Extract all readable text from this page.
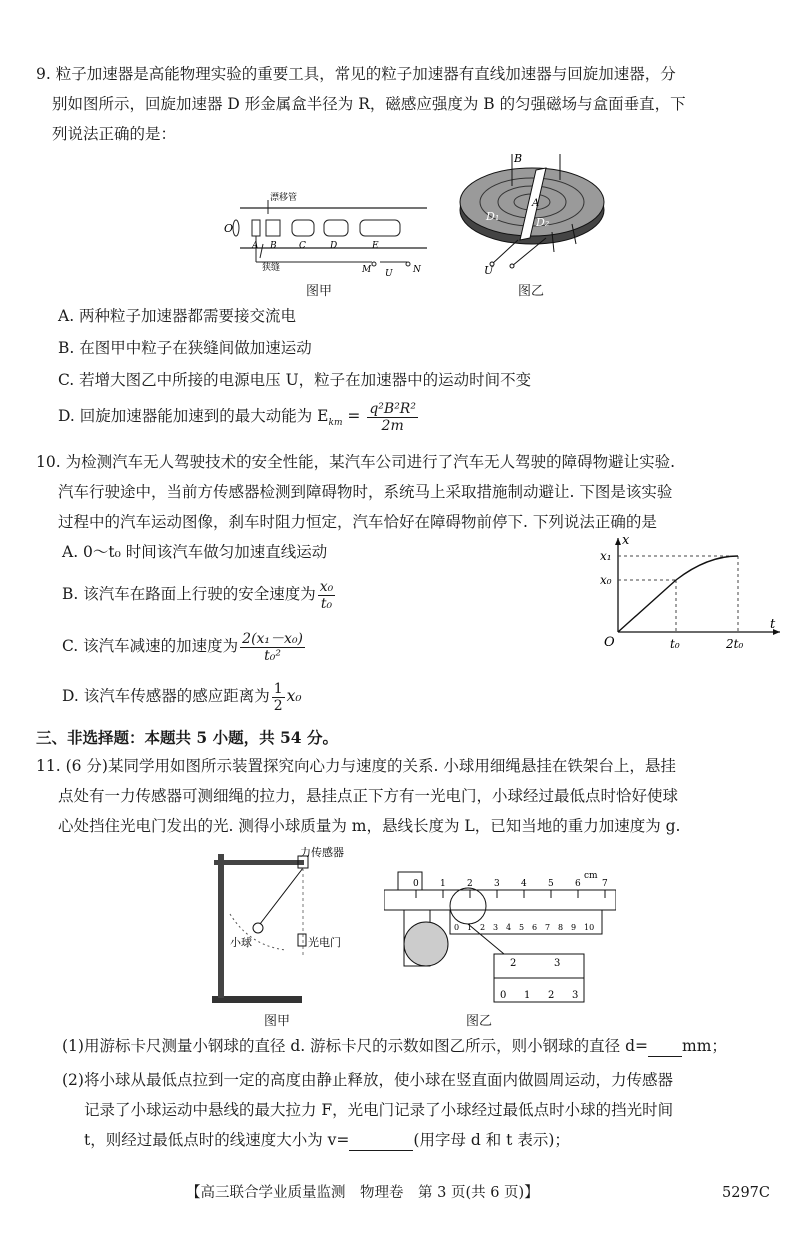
9. 粒子加速器是高能物理实验的重要工具，常见的粒子加速器有直线加速器与回旋加速器，分
别如图所示，回旋加速器 D 形金属盒半径为 R，磁感应强度为 B 的匀强磁场与盒面垂直，下
列说法正确的是：
O
A B C	D	E
漂移管
狭缝	M U N
图甲
B
A
D₁	D₂
U
图乙
A. 两种粒子加速器都需要接交流电
B. 在图甲中粒子在狭缝间做加速运动
C. 若增大图乙中所接的电源电压 U，粒子在加速器中的运动时间不变
D. 回旋加速器能加速到的最大动能为 $E_{km} = \frac{\text{q²B²R²}}{2m}$
10. 为检测汽车无人驾驶技术的安全性能，某汽车公司进行了汽车无人驾驶的障碍物避让实验.
汽车行驶途中，当前方传感器检测到障碍物时，系统马上采取措施制动避让. 下图是该实验
过程中的汽车运动图像，刹车时阻力恒定，汽车恰好在障碍物前停下. 下列说法正确的是
A. 0～t₀ 时间该汽车做匀加速直线运动
B. 该汽车在路面上行驶的安全速度为 $\frac{\text{x₀}}{\text{t₀}}$
C. 该汽车减速的加速度为 $\frac{\text{2(x₁－x₀)}}{\text{t₀²}}$
D. 该汽车传感器的感应距离为 $\frac{1}{2} x_0$
t
x
O
x₁
x₀
t₀	2t₀
三、非选择题：本题共 5 小题，共 54 分。
11. (6 分)某同学用如图所示装置探究向心力与速度的关系. 小球用细绳悬挂在铁架台上，悬挂
点处有一力传感器可测细绳的拉力，悬挂点正下方有一光电门，小球经过最低点时恰好使球
心处挡住光电门发出的光. 测得小球质量为 m，悬线长度为 L，已知当地的重力加速度为 g.
力传感器
小球	光电门
图甲
0 1 2 3 4 5 6 7
cm
0 1 2 3 4 5 6 7 8 9 10
2	3
0 1 2 3
图乙
(1)用游标卡尺测量小钢球的直径 d. 游标卡尺的示数如图乙所示，则小钢球的直径 d= mm；
(2)将小球从最低点拉到一定的高度由静止释放，使小球在竖直面内做圆周运动，力传感器
记录了小球运动中悬线的最大拉力 F，光电门记录了小球经过最低点时小球的挡光时间
t，则经过最低点时的线速度大小为 v=	(用字母 d 和 t 表示)；
【高三联合学业质量监测　物理卷　第 3 页(共 6 页)】	5297C
